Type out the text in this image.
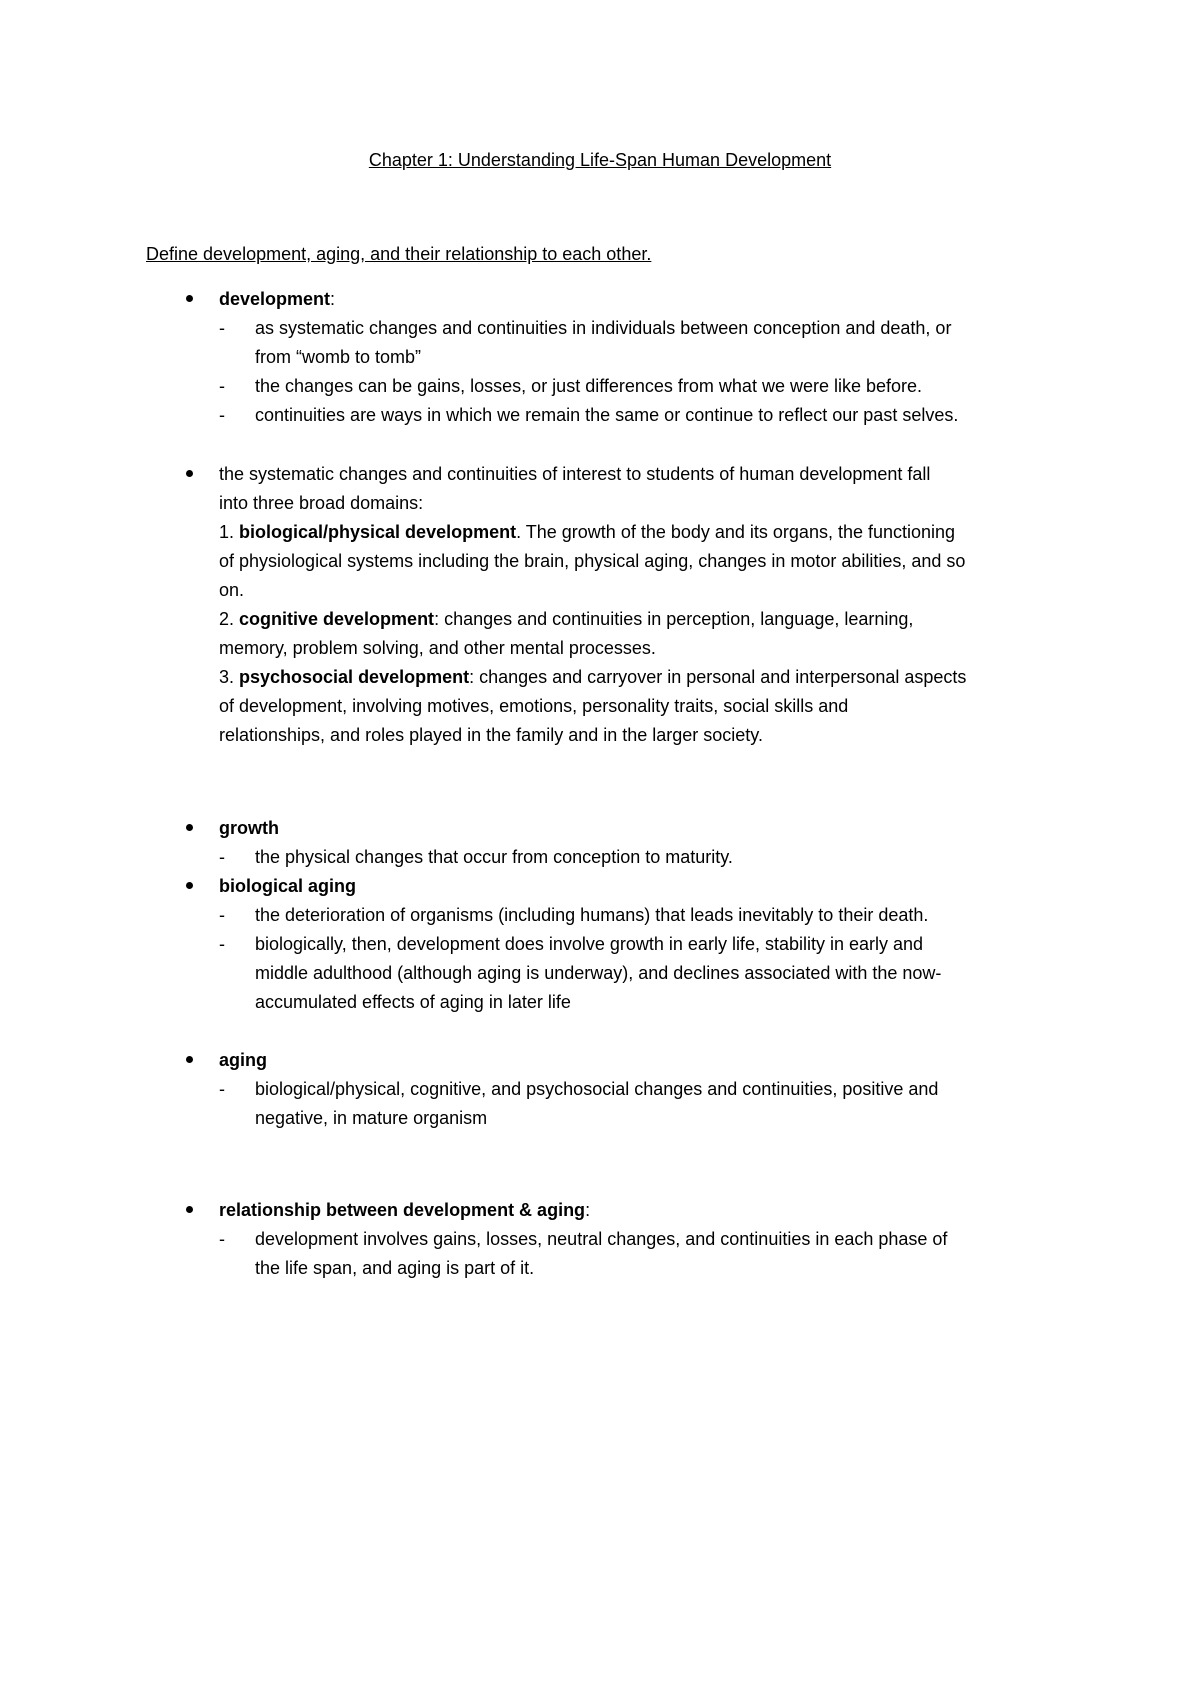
Chapter 1: Understanding Life-Span Human Development
Define development, aging, and their relationship to each other.
development:
- as systematic changes and continuities in individuals between conception and death, or
from “womb to tomb”
- the changes can be gains, losses, or just differences from what we were like before.
- continuities are ways in which we remain the same or continue to reflect our past selves.
the systematic changes and continuities of interest to students of human development fall
into three broad domains:
1. biological/physical development. The growth of the body and its organs, the functioning
of physiological systems including the brain, physical aging, changes in motor abilities, and so
on.
2. cognitive development: changes and continuities in perception, language, learning,
memory, problem solving, and other mental processes.
3. psychosocial development: changes and carryover in personal and interpersonal aspects
of development, involving motives, emotions, personality traits, social skills and
relationships, and roles played in the family and in the larger society.
growth
- the physical changes that occur from conception to maturity.
biological aging
- the deterioration of organisms (including humans) that leads inevitably to their death.
- biologically, then, development does involve growth in early life, stability in early and
middle adulthood (although aging is underway), and declines associated with the now-
accumulated effects of aging in later life
aging
- biological/physical, cognitive, and psychosocial changes and continuities, positive and
negative, in mature organism
relationship between development & aging:
- development involves gains, losses, neutral changes, and continuities in each phase of
the life span, and aging is part of it.
